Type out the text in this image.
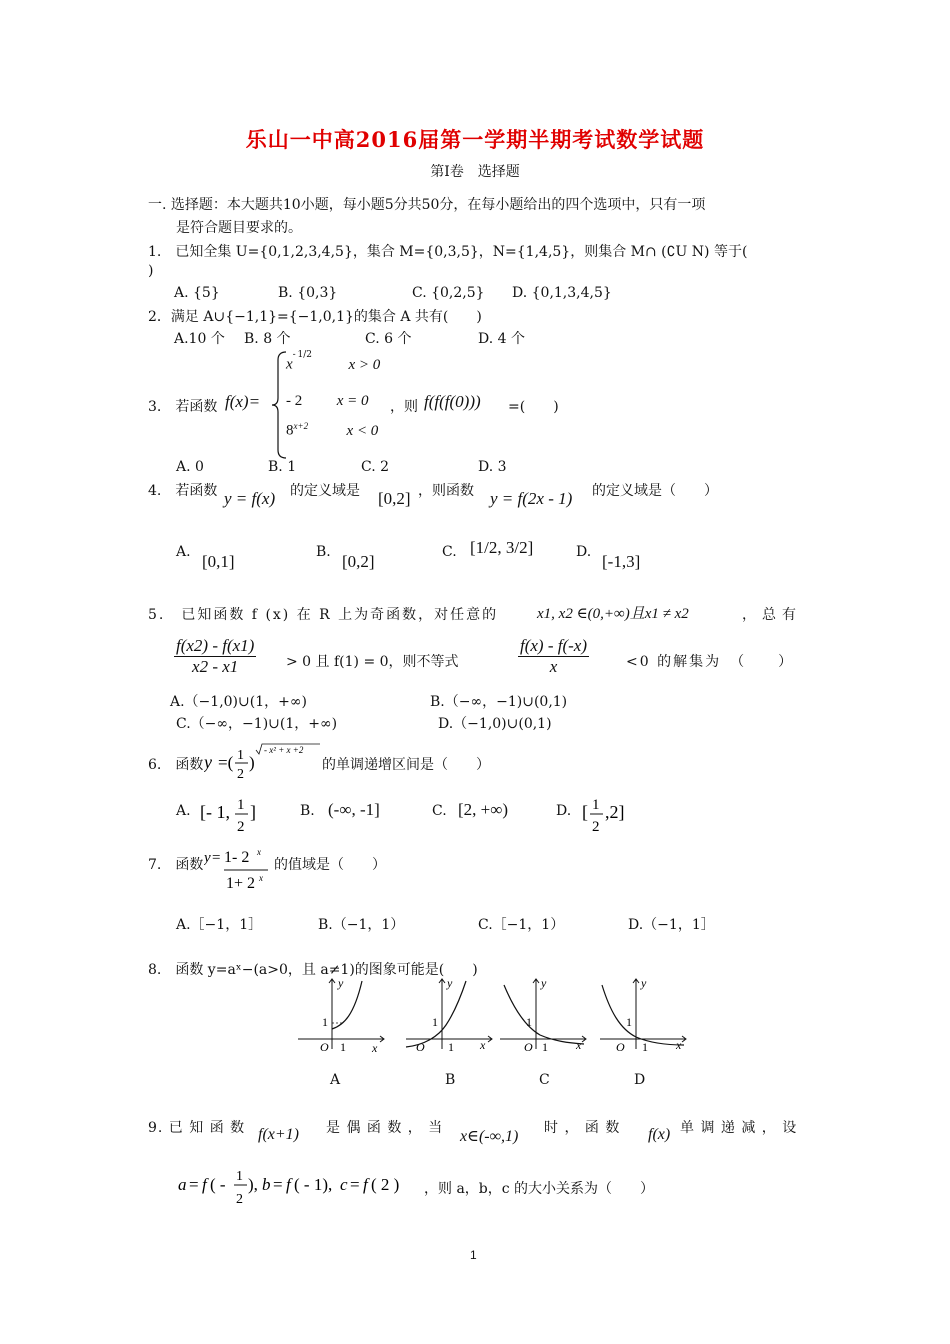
乐山一中高2016届第一学期半期考试数学试题
第Ⅰ卷　选择题
一. 选择题：本大题共10小题，每小题5分共50分，在每小题给出的四个选项中，只有一项
是符合题目要求的。
1.　已知全集 U={0,1,2,3,4,5}，集合 M={0,3,5}，N={1,4,5}，则集合 M∩ (∁U N) 等于(
)
A. {5}	B. {0,3}	C. {0,2,5} D. {0,1,3,4,5}
2．满足 A∪{−1,1}={−1,0,1}的集合 A 共有(　　)
A.10 个 B. 8 个	C. 6 个	D. 4 个
3.　若函数 f(x)=
$x^{- 1/2}$ x > 0
- 2 x = 0
$8^{x+2}$	x < 0
，则 f(f(f(0))) =(　　)
A. 0	B. 1	C. 2	D. 3
4.　若函数 y = f(x) 的定义域是 [0,2] ，则函数 y = f(2x - 1) 的定义域是（　　）
A. [0,1]	B. [0,2]	C. [1/2, 3/2]	D. [-1,3]
5.　已知函数 f (x) 在 R 上为奇函数，对任意的	x1, x2 ∈(0,+∞)且x1 ≠ x2	，总有
$\frac{f(x2) - f(x1)}{x2 - x1} > 0$ 且 f(1) = 0，则不等式	$\frac{f(x) - f(-x)}{x}$	<0 的解集为　（　　）
A.（−1,0)∪(1，+∞)	B.（−∞，−1)∪(0,1)
C.（−∞，−1)∪(1，+∞)	D.（−1,0)∪(0,1)
6.　函数 y =( 1
2
)
- x² + x +2
的单调递增区间是（　　）
A. [- 1, 1
2
]	B. (-∞, -1]	C. [2, +∞)	D. [ 1
2
,2]
7.　函数 y = 1- 2 x
1+ 2 x
的值域是（　　）
A.［−1，1］	B.（−1，1）	C.［−1，1）	D.（−1，1］
8.　函数 y=aˣ−(a>0，且 a≠1)的图象可能是(　　)
y
x
O 1
1
y
x
O 1
1
y
x
O 1
1
y
x
O 1
1
A	B	C	D
9. 已 知 函 数 f(x+1) 是 偶 函 数 ， 当 x∈(-∞,1) 时 ， 函 数 f(x) 单 调 递 减 ， 设
a = f ( - 1
2
), b = f ( - 1), c = f ( 2 ) ，则 a，b，c 的大小关系为（　　）
1
